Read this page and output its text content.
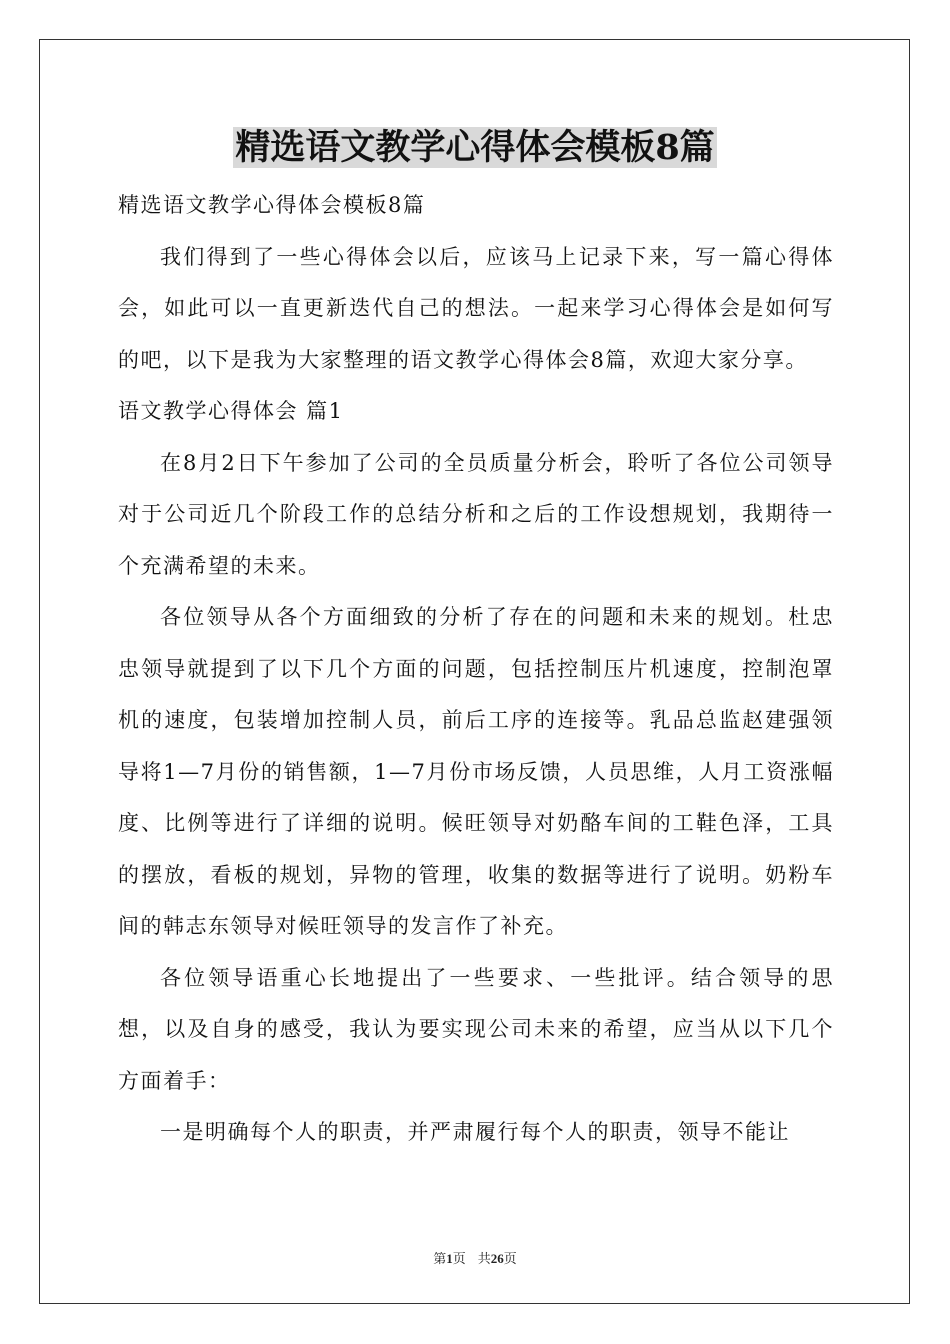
精选语文教学心得体会模板8篇

精选语文教学心得体会模板8篇

我们得到了一些心得体会以后，应该马上记录下来，写一篇心得体会，如此可以一直更新迭代自己的想法。一起来学习心得体会是如何写的吧，以下是我为大家整理的语文教学心得体会8篇，欢迎大家分享。

语文教学心得体会 篇1

在8月2日下午参加了公司的全员质量分析会，聆听了各位公司领导对于公司近几个阶段工作的总结分析和之后的工作设想规划，我期待一个充满希望的未来。

各位领导从各个方面细致的分析了存在的问题和未来的规划。杜忠忠领导就提到了以下几个方面的问题，包括控制压片机速度，控制泡罩机的速度，包装增加控制人员，前后工序的连接等。乳品总监赵建强领导将1—7月份的销售额，1—7月份市场反馈，人员思维，人月工资涨幅度、比例等进行了详细的说明。候旺领导对奶酪车间的工鞋色泽，工具的摆放，看板的规划，异物的管理，收集的数据等进行了说明。奶粉车间的韩志东领导对候旺领导的发言作了补充。

各位领导语重心长地提出了一些要求、一些批评。结合领导的思想，以及自身的感受，我认为要实现公司未来的希望，应当从以下几个方面着手：

一是明确每个人的职责，并严肃履行每个人的职责，领导不能让

第1页 共26页
